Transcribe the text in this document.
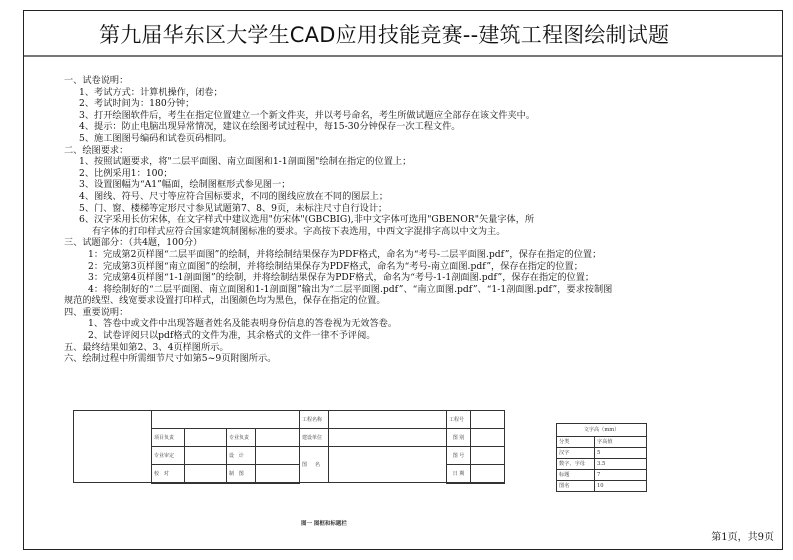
第九届华东区大学生CAD应用技能竞赛--建筑工程图绘制试题
一、试卷说明：
1、考试方式：计算机操作，闭卷；
2、考试时间为：180分钟；
3、打开绘图软件后，考生在指定位置建立一个新文件夹，并以考号命名，考生所做试题应全部存在该文件夹中。
4、提示：防止电脑出现异常情况，建议在绘图考试过程中，每15-30分钟保存一次工程文件。
5、施工图图号编码和试卷页码相同。
二、绘图要求：
1、按照试题要求，将"二层平面图、南立面图和1-1剖面图"绘制在指定的位置上；
2、比例采用1：100；
3、设置图幅为“A1”幅面，绘制图框形式参见图一；
4、图线、符号、尺寸等应符合国标要求，不同的图线应放在不同的图层上；
5、门、窗、楼梯等定形尺寸参见试题第7、8、9页，未标注尺寸自行设计；
6、汉字采用长仿宋体，在文字样式中建议选用"仿宋体"(GBCBIG),非中文字体可选用"GBENOR"矢量字体，所
有字体的打印样式应符合国家建筑制图标准的要求。字高按下表选用，中西文字混排字高以中文为主。
三、试题部分：（共4题，100分）
1：完成第2页样图“二层平面图”的绘制，并将绘制结果保存为PDF格式，命名为“考号-二层平面图.pdf”，保存在指定的位置；
2：完成第3页样图“南立面图”的绘制，并将绘制结果保存为PDF格式，命名为“考号-南立面图.pdf”，保存在指定的位置；
3：完成第4页样图“1-1剖面图”的绘制，并将绘制结果保存为PDF格式，命名为“考号-1-1剖面图.pdf”，保存在指定的位置；
4：将绘制好的“二层平面图、南立面图和1-1剖面图”输出为“二层平面图.pdf”、“南立面图.pdf”、“1-1剖面图.pdf”，要求按制图
规范的线型、线宽要求设置打印样式，出图颜色均为黑色，保存在指定的位置。
四、重要说明：
1、答卷中或文件中出现答题者姓名及能表明身份信息的答卷视为无效答卷。
2、试卷评阅只以pdf格式的文件为准，其余格式的文件一律不予评阅。
五、最终结果如第2、3、4页样图所示。
六、绘制过程中所需细节尺寸如第5~9页附图所示。
					工程名称		工程号	
	项目负责		专业负责		建设单位		图 别	
	专业审定		设   计		图     名		图 号	
	校   对		制   图				日 期	
文字高（mm）	
分类	字高值
汉字	5
数字、字母	3.5
标题	7
图名	10
图一 图框和标题栏
第1页，共9页
